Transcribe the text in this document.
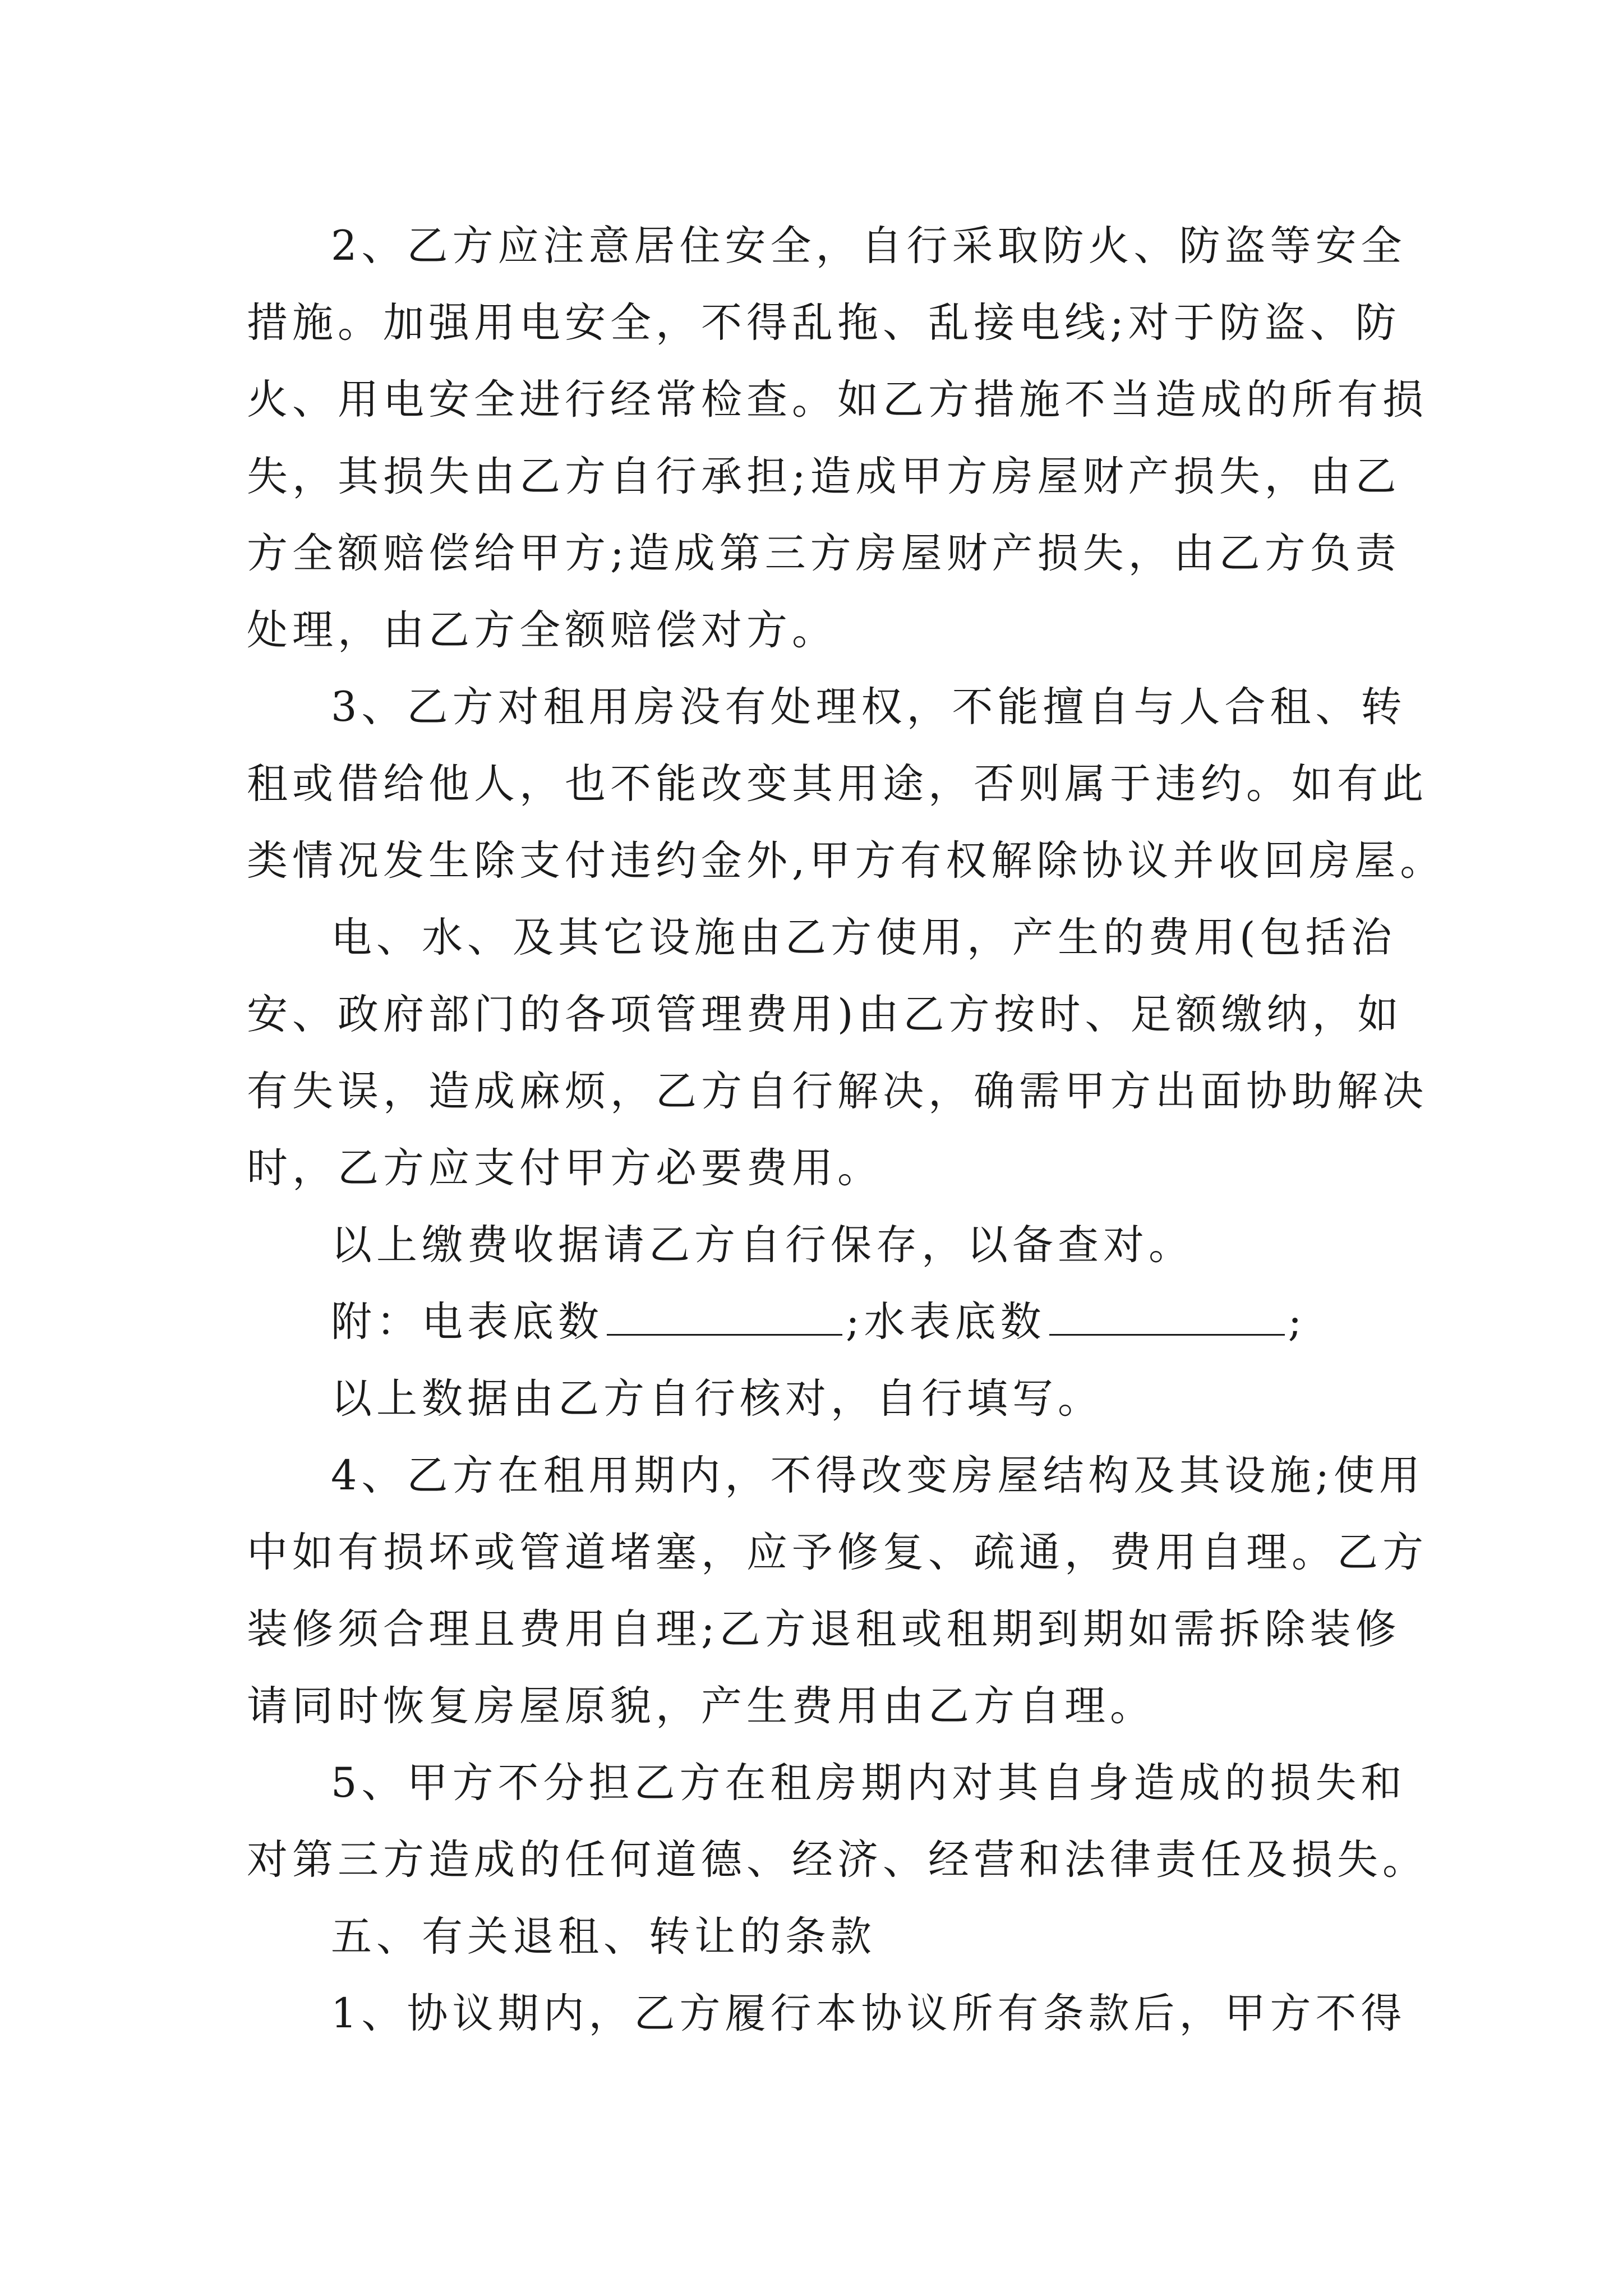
2、乙方应注意居住安全，自行采取防火、防盗等安全
措施。加强用电安全，不得乱拖、乱接电线;对于防盗、防
火、用电安全进行经常检查。如乙方措施不当造成的所有损
失，其损失由乙方自行承担;造成甲方房屋财产损失，由乙
方全额赔偿给甲方;造成第三方房屋财产损失，由乙方负责
处理，由乙方全额赔偿对方。
3、乙方对租用房没有处理权，不能擅自与人合租、转
租或借给他人，也不能改变其用途，否则属于违约。如有此
类情况发生除支付违约金外,甲方有权解除协议并收回房屋。
电、水、及其它设施由乙方使用，产生的费用(包括治
安、政府部门的各项管理费用)由乙方按时、足额缴纳，如
有失误，造成麻烦，乙方自行解决，确需甲方出面协助解决
时，乙方应支付甲方必要费用。
以上缴费收据请乙方自行保存，以备查对。
附：电表底数	;水表底数	;
以上数据由乙方自行核对，自行填写。
4、乙方在租用期内，不得改变房屋结构及其设施;使用
中如有损坏或管道堵塞，应予修复、疏通，费用自理。乙方
装修须合理且费用自理;乙方退租或租期到期如需拆除装修
请同时恢复房屋原貌，产生费用由乙方自理。
5、甲方不分担乙方在租房期内对其自身造成的损失和
对第三方造成的任何道德、经济、经营和法律责任及损失。
五、有关退租、转让的条款
1、协议期内，乙方履行本协议所有条款后，甲方不得
